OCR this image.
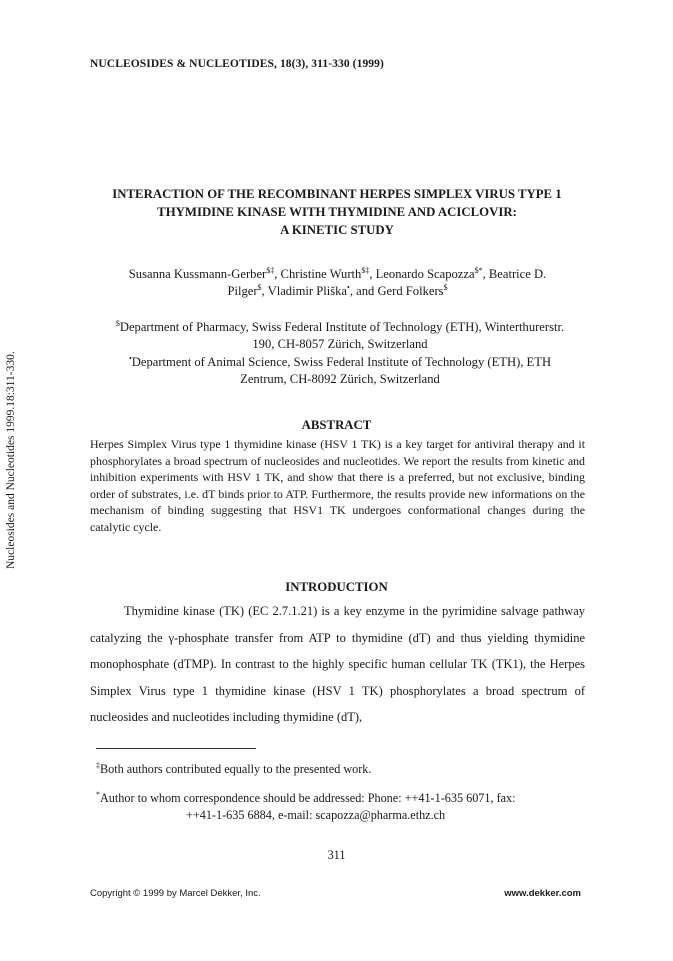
NUCLEOSIDES & NUCLEOTIDES, 18(3), 311-330 (1999)
Nucleosides and Nucleotides 1999.18:311-330.
INTERACTION OF THE RECOMBINANT HERPES SIMPLEX VIRUS TYPE 1
THYMIDINE KINASE WITH THYMIDINE AND ACICLOVIR:
A KINETIC STUDY
Susanna Kussmann-Gerber$‡, Christine Wurth$‡, Leonardo Scapozza$*, Beatrice D.
Pilger$, Vladimir Pliška•, and Gerd Folkers$
$Department of Pharmacy, Swiss Federal Institute of Technology (ETH), Winterthurerstr.
190, CH-8057 Zürich, Switzerland
•Department of Animal Science, Swiss Federal Institute of Technology (ETH), ETH
Zentrum, CH-8092 Zürich, Switzerland
ABSTRACT
Herpes Simplex Virus type 1 thymidine kinase (HSV 1 TK) is a key target for antiviral therapy and it phosphorylates a broad spectrum of nucleosides and nucleotides. We report the results from kinetic and inhibition experiments with HSV 1 TK, and show that there is a preferred, but not exclusive, binding order of substrates, i.e. dT binds prior to ATP. Furthermore, the results provide new informations on the mechanism of binding suggesting that HSV1 TK undergoes conformational changes during the catalytic cycle.
INTRODUCTION
Thymidine kinase (TK) (EC 2.7.1.21) is a key enzyme in the pyrimidine salvage pathway catalyzing the γ-phosphate transfer from ATP to thymidine (dT) and thus yielding thymidine monophosphate (dTMP). In contrast to the highly specific human cellular TK (TK1), the Herpes Simplex Virus type 1 thymidine kinase (HSV 1 TK) phosphorylates a broad spectrum of nucleosides and nucleotides including thymidine (dT),
‡Both authors contributed equally to the presented work.
*Author to whom correspondence should be addressed: Phone: ++41-1-635 6071, fax:
++41-1-635 6884, e-mail: scapozza@pharma.ethz.ch
311
Copyright © 1999 by Marcel Dekker, Inc.	www.dekker.com
